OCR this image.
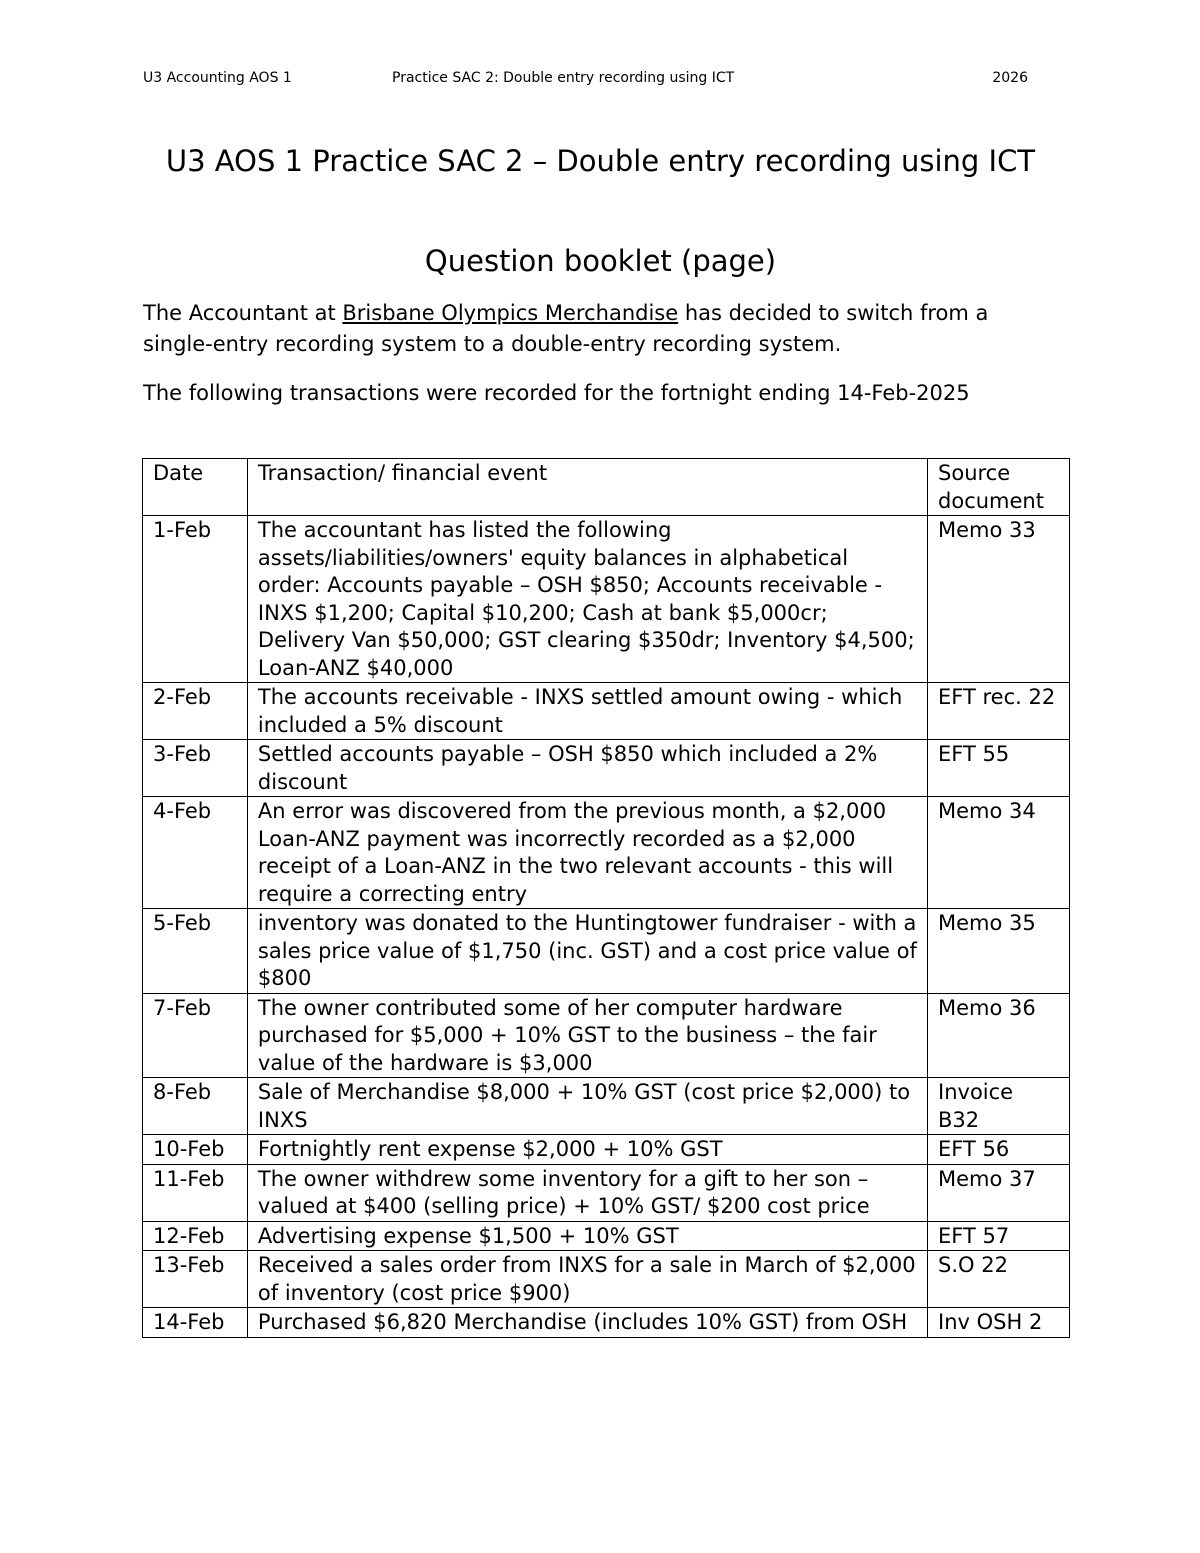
U3 Accounting AOS 1	Practice SAC 2: Double entry recording using ICT	2026
U3 AOS 1 Practice SAC 2 – Double entry recording using ICT
Question booklet (page)

The Accountant at Brisbane Olympics Merchandise has decided to switch from a single-entry recording system to a double-entry recording system.

The following transactions were recorded for the fortnight ending 14-Feb-2025

Date	Transaction/ financial event	Source document
1-Feb	The accountant has listed the following assets/liabilities/owners' equity balances in alphabetical order: Accounts payable – OSH $850; Accounts receivable - INXS $1,200; Capital $10,200; Cash at bank $5,000cr; Delivery Van $50,000; GST clearing $350dr; Inventory $4,500; Loan-ANZ $40,000	Memo 33
2-Feb	The accounts receivable - INXS settled amount owing - which included a 5% discount	EFT rec. 22
3-Feb	Settled accounts payable – OSH $850 which included a 2% discount	EFT 55
4-Feb	An error was discovered from the previous month, a $2,000 Loan-ANZ payment was incorrectly recorded as a $2,000 receipt of a Loan-ANZ in the two relevant accounts - this will require a correcting entry	Memo 34
5-Feb	inventory was donated to the Huntingtower fundraiser - with a sales price value of $1,750 (inc. GST) and a cost price value of $800	Memo 35
7-Feb	The owner contributed some of her computer hardware purchased for $5,000 + 10% GST to the business – the fair value of the hardware is $3,000	Memo 36
8-Feb	Sale of Merchandise $8,000 + 10% GST (cost price $2,000) to INXS	Invoice B32
10-Feb	Fortnightly rent expense $2,000 + 10% GST	EFT 56
11-Feb	The owner withdrew some inventory for a gift to her son – valued at $400 (selling price) + 10% GST/ $200 cost price	Memo 37
12-Feb	Advertising expense $1,500 + 10% GST	EFT 57
13-Feb	Received a sales order from INXS for a sale in March of $2,000 of inventory (cost price $900)	S.O 22
14-Feb	Purchased $6,820 Merchandise (includes 10% GST) from OSH	Inv OSH 2
